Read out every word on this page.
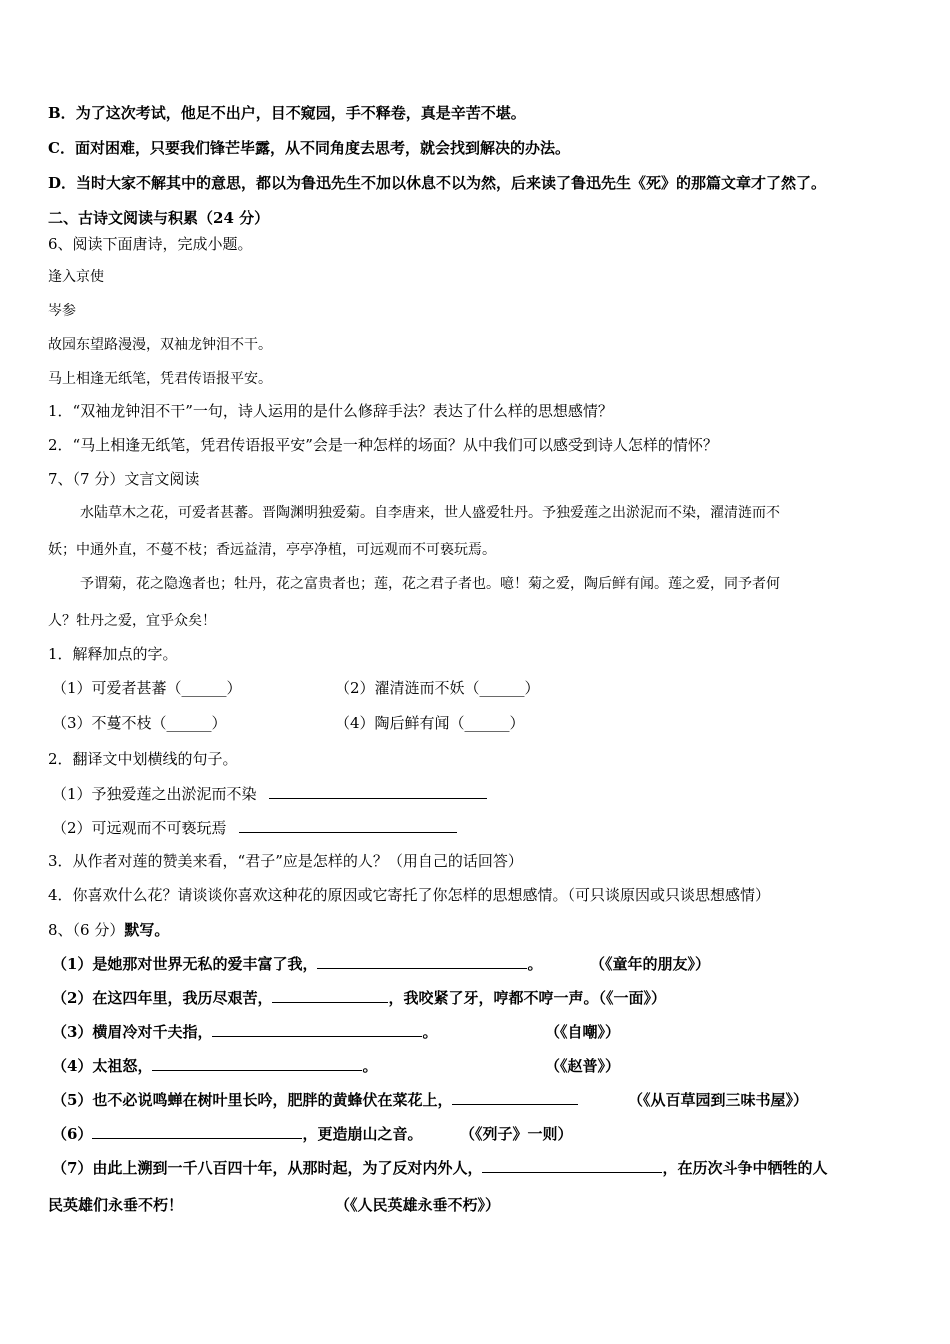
B．为了这次考试，他足不出户，目不窥园，手不释卷，真是辛苦不堪。
C．面对困难，只要我们锋芒毕露，从不同角度去思考，就会找到解决的办法。
D．当时大家不解其中的意思，都以为鲁迅先生不加以休息不以为然，后来读了鲁迅先生《死》的那篇文章才了然了。
二、古诗文阅读与积累（24 分）
6、阅读下面唐诗，完成小题。
逢入京使
岑参
故园东望路漫漫，双袖龙钟泪不干。
马上相逢无纸笔，凭君传语报平安。
1．“双袖龙钟泪不干”一句，诗人运用的是什么修辞手法？表达了什么样的思想感情？
2．“马上相逢无纸笔，凭君传语报平安”会是一种怎样的场面？从中我们可以感受到诗人怎样的情怀？
7、（7 分）文言文阅读
水陆草木之花，可爱者甚蕃。晋陶渊明独爱菊。自李唐来，世人盛爱牡丹。予独爱莲之出淤泥而不染，濯清涟而不
妖；中通外直，不蔓不枝；香远益清，亭亭净植，可远观而不可亵玩焉。
予谓菊，花之隐逸者也；牡丹，花之富贵者也；莲，花之君子者也。噫！菊之爱，陶后鲜有闻。莲之爱，同予者何
人？牡丹之爱，宜乎众矣！
1．解释加点的字。
（1）可爱者甚蕃（______）	（2）濯清涟而不妖（______）
（3）不蔓不枝（______）	（4）陶后鲜有闻（______）
2．翻译文中划横线的句子。
（1）予独爱莲之出淤泥而不染
（2）可远观而不可亵玩焉
3．从作者对莲的赞美来看，“君子”应是怎样的人？（用自己的话回答）
4．你喜欢什么花？请谈谈你喜欢这种花的原因或它寄托了你怎样的思想感情。（可只谈原因或只谈思想感情）
8、（6 分）默写。
（1）是她那对世界无私的爱丰富了我，	。	（《童年的朋友》）
（2）在这四年里，我历尽艰苦，	，我咬紧了牙，哼都不哼一声。（《一面》）
（3）横眉冷对千夫指，	。	（《自嘲》）
（4）太祖怒，	。	（《赵普》）
（5）也不必说鸣蝉在树叶里长吟，肥胖的黄蜂伏在菜花上，	（《从百草园到三味书屋》）
（6）	，更造崩山之音。	（《列子》一则）
（7）由此上溯到一千八百四十年，从那时起，为了反对内外人，	，在历次斗争中牺牲的人
民英雄们永垂不朽！	（《人民英雄永垂不朽》）
